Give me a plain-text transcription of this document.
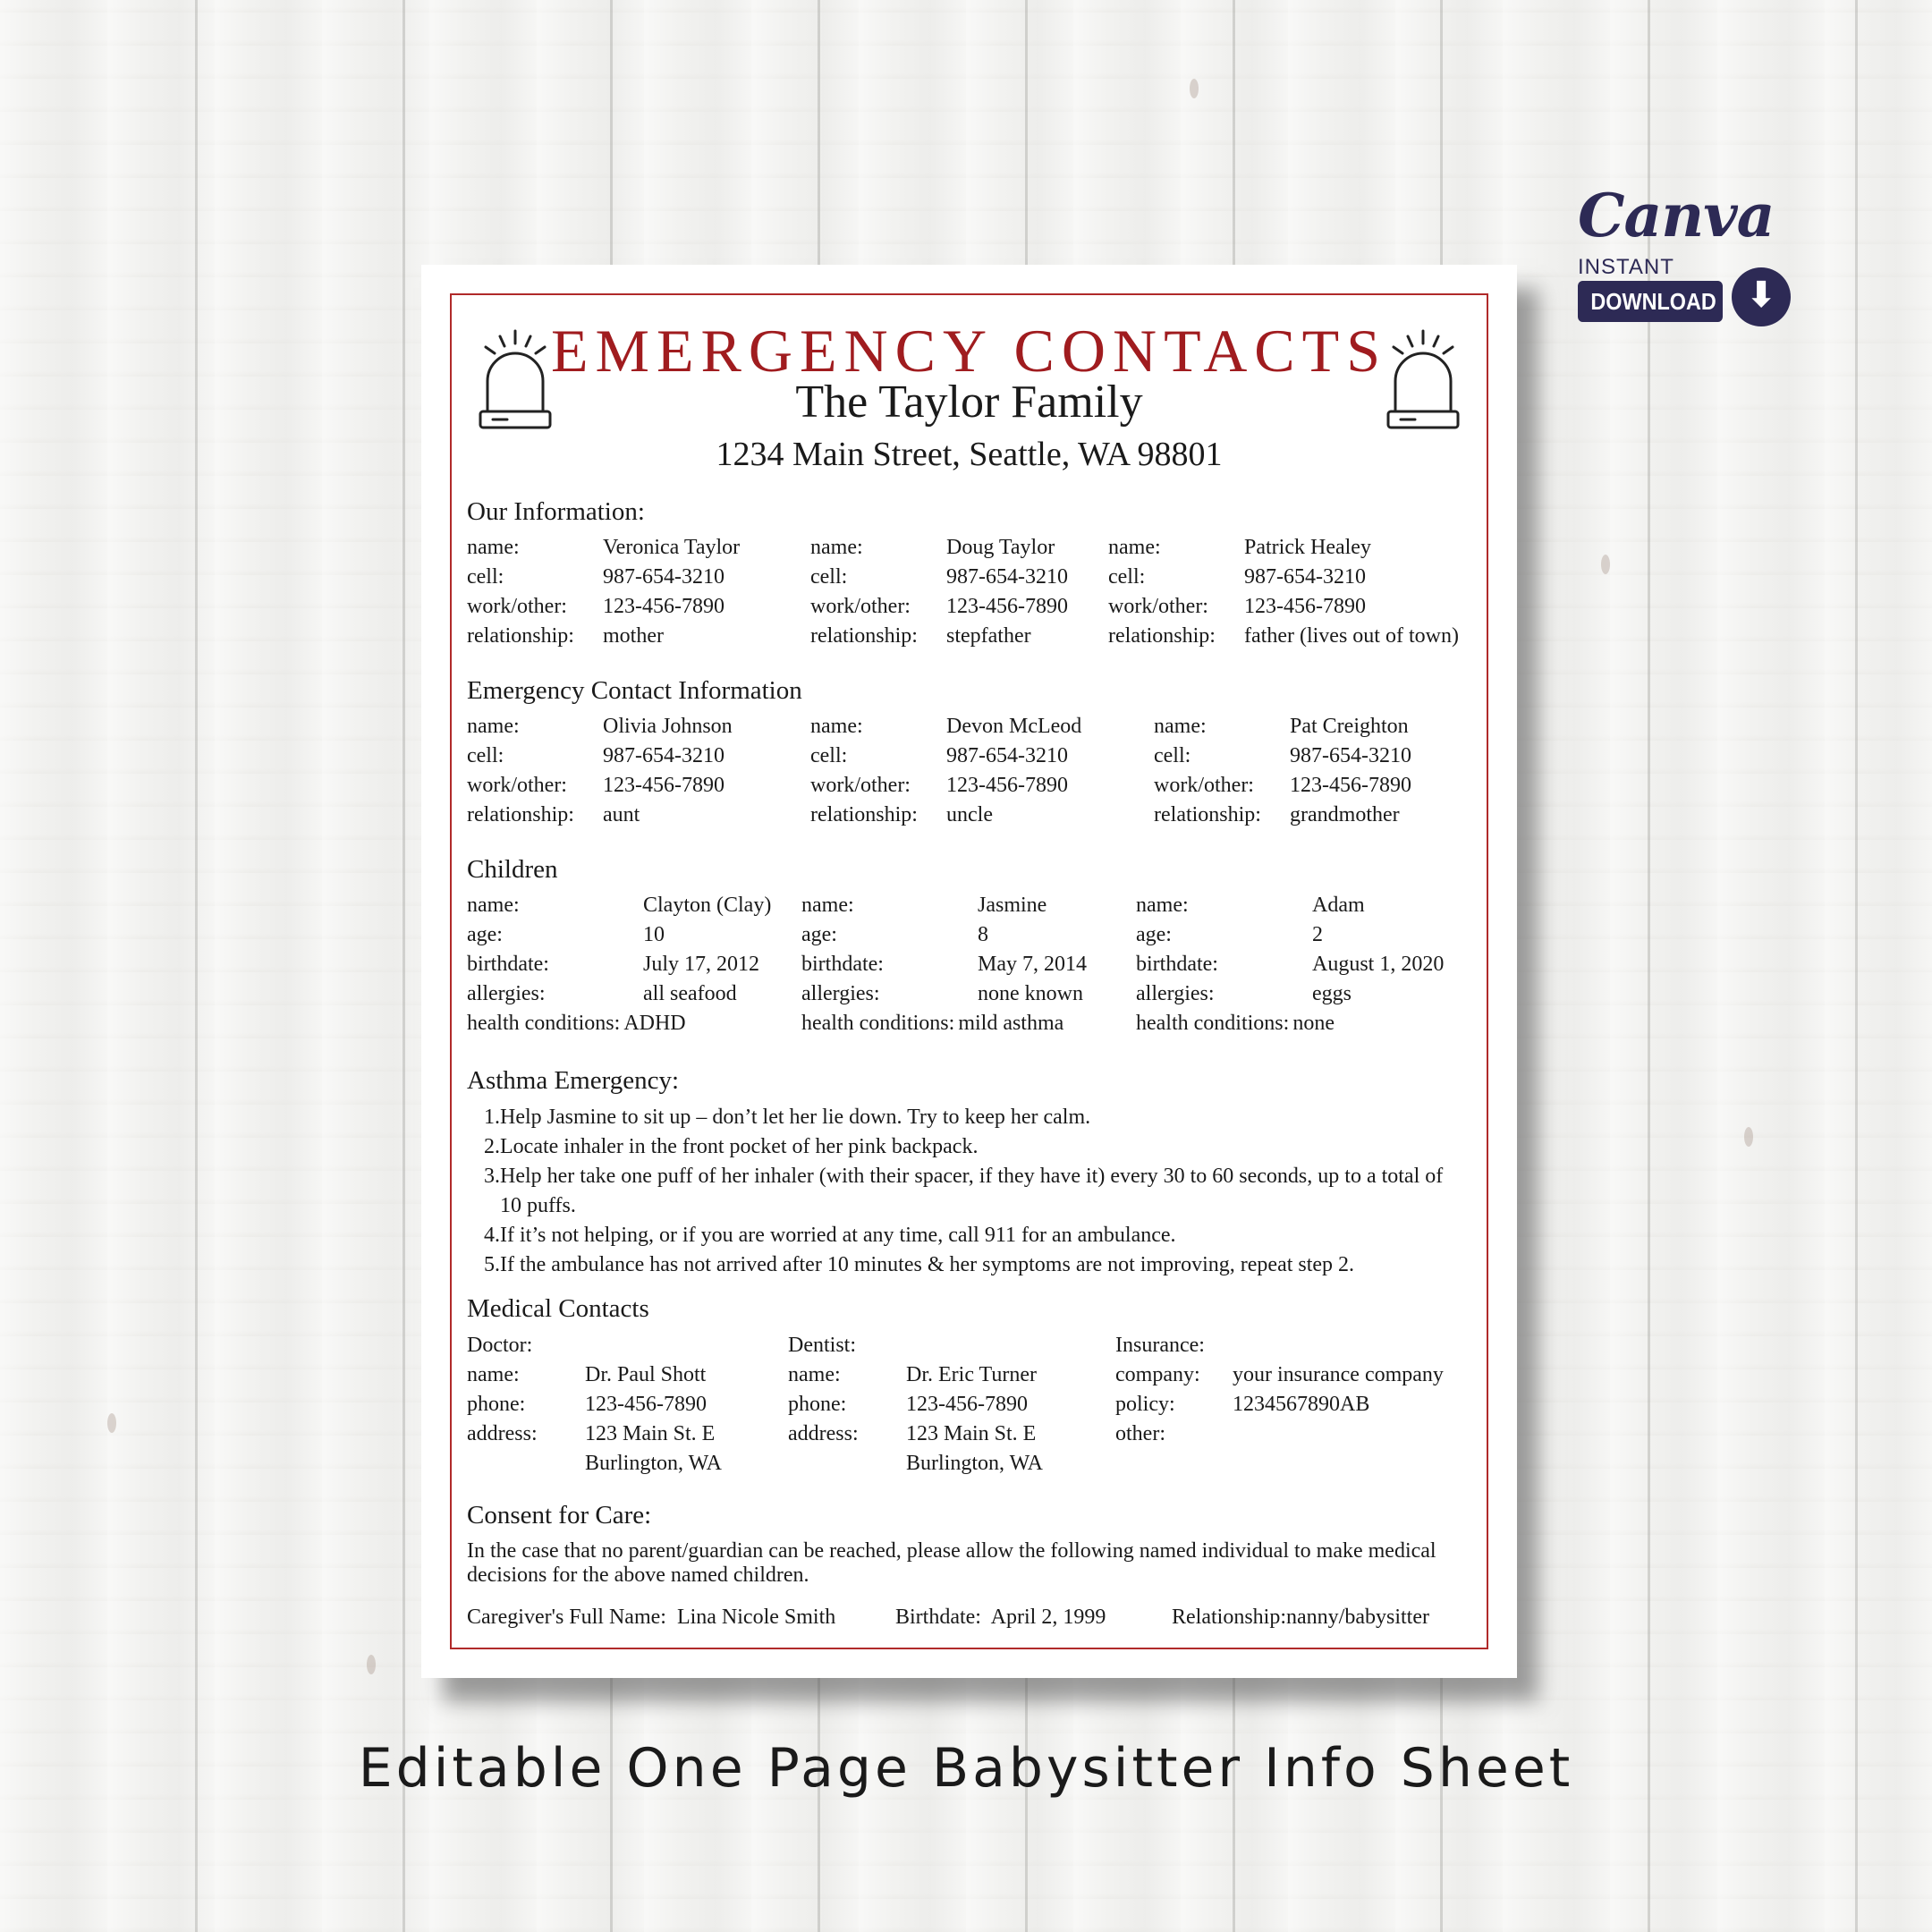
Canva
INSTANT
DOWNLOAD ⬇
EMERGENCY CONTACTS
The Taylor Family
1234 Main Street, Seattle, WA 98801
Our Information:
name:	Veronica Taylor
cell:	987-654-3210
work/other:	123-456-7890
relationship:	mother
name:	Doug Taylor
cell:	987-654-3210
work/other:	123-456-7890
relationship:	stepfather
name:	Patrick Healey
cell:	987-654-3210
work/other:	123-456-7890
relationship:	father (lives out of town)
Emergency Contact Information
name:	Olivia Johnson
cell:	987-654-3210
work/other:	123-456-7890
relationship:	aunt
name:	Devon McLeod
cell:	987-654-3210
work/other:	123-456-7890
relationship:	uncle
name:	Pat Creighton
cell:	987-654-3210
work/other:	123-456-7890
relationship:	grandmother
Children
name:	Clayton (Clay)
age:	10
birthdate:	July 17, 2012
allergies:	all seafood
health conditions: ADHD
name:	Jasmine
age:	8
birthdate:	May 7, 2014
allergies:	none known
health conditions: mild asthma
name:	Adam
age:	2
birthdate:	August 1, 2020
allergies:	eggs
health conditions: none
Asthma Emergency:
1. Help Jasmine to sit up – don’t let her lie down. Try to keep her calm.
2. Locate inhaler in the front pocket of her pink backpack.
3. Help her take one puff of her inhaler (with their spacer, if they have it) every 30 to 60 seconds, up to a total of 10 puffs.
4. If it’s not helping, or if you are worried at any time, call 911 for an ambulance.
5. If the ambulance has not arrived after 10 minutes & her symptoms are not improving, repeat step 2.
Medical Contacts
Doctor:
name:	Dr. Paul Shott
phone:	123-456-7890
address:	123 Main St. E
Burlington, WA
Dentist:
name:	Dr. Eric Turner
phone:	123-456-7890
address:	123 Main St. E
Burlington, WA
Insurance:
company:	your insurance company
policy:	1234567890AB
other:
Consent for Care:
In the case that no parent/guardian can be reached, please allow the following named individual to make medical decisions for the above named children.
Caregiver's Full Name: Lina Nicole Smith	Birthdate: April 2, 1999	Relationship:nanny/babysitter
Editable One Page Babysitter Info Sheet
